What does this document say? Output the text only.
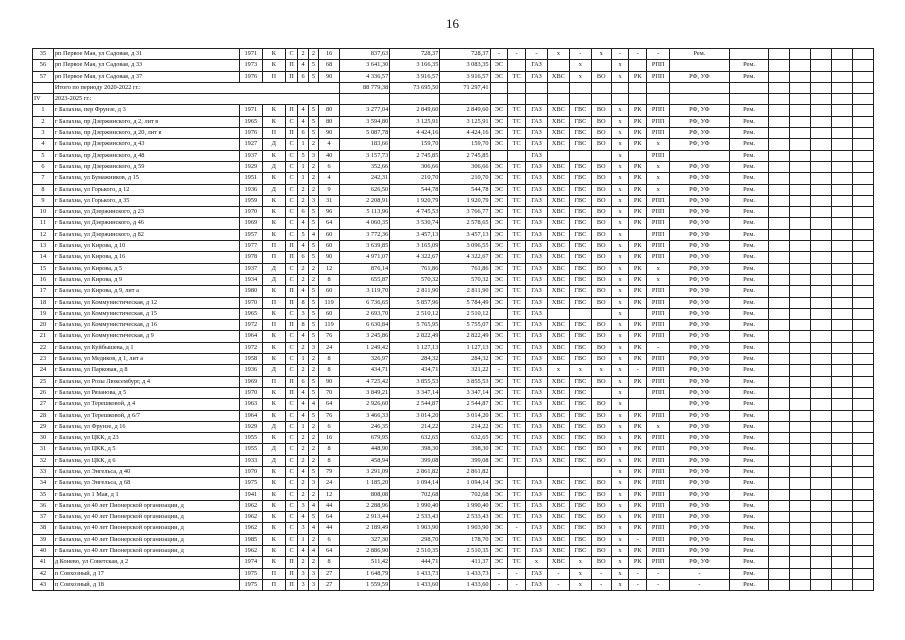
16
35	рп Первое Мая, ул Садовая, д 31	1971	К	С	2	2	16	837,63	728,37	728,37	-	-	-	x	-	x	-	-	-	Рем.						
56	рп Первое Мая, ул Садовая, д 33	1973	К	П	4	5	68	3 641,30	3 166,35	3 083,35	ЭС		ГАЗ		x		x		РПП		Рем.					
57	рп Первое Мая, ул Садовая, д 37	1976	П	П	6	5	90	4 336,57	3 916,57	3 916,57	ЭС	ТС	ГАЗ	ХВС	x	ВО	x	РК	РПП	РФ, УФ	Рем.					
	Итого по периоду 2020-2022 гг.:							88 779,38	73 695,50	71 297,41																
IV	2023-2025 гг.:																									
1	г Балахна, пер Фрунзе, д 3	1971	К	П	4	5	80	3 277,04	2 849,60	2 849,60	ЭС	ТС	ГАЗ	ХВС	ГВС	ВО	x	РК	РПП	РФ, УФ	Рем.					
2	г Балахна, пр Дзержинского, д 2, лит в	1965	К	С	4	5	80	3 594,80	3 125,91	3 125,91	ЭС	ТС	ГАЗ	ХВС	ГВС	ВО	x	РК	РПП	РФ, УФ	Рем.					
3	г Балахна, пр Дзержинского, д 20, лит в	1976	П	П	6	5	90	5 087,78	4 424,16	4 424,16	ЭС	ТС	ГАЗ	ХВС	ГВС	ВО	x	РК	РПП	РФ, УФ	Рем.					
4	г Балахна, пр Дзержинского, д 43	1927	Д	С	1	2	4	183,66	159,70	159,70	ЭС	ТС	ГАЗ	ХВС	ГВС	ВО	x	РК	x	РФ, УФ	Рем.					
5	г Балахна, пр Дзержинского, д 48	1937	К	С	5	3	40	3 157,73	2 745,85	2 745,85			ГАЗ				x		РПП		Рем.					
6	г Балахна, пр Дзержинского, д 59	1929	Д	С	1	2	6	352,66	306,66	306,66	ЭС	ТС	ГАЗ	ХВС	ГВС	ВО	x	РК	x	РФ, УФ	Рем.					
7	г Балахна, ул Бумажников, д 15	1951	К	С	1	2	4	242,31	210,70	210,70	ЭС	ТС	ГАЗ	ХВС	ГВС	ВО	x	РК	x	РФ, УФ	Рем.					
8	г Балахна, ул Горького, д 12	1936	Д	С	2	2	9	626,50	544,78	544,78	ЭС	ТС	ГАЗ	ХВС	ГВС	ВО	x	РК	x	РФ, УФ	Рем.					
9	г Балахна, ул Горького, д 35	1959	К	С	2	3	31	2 208,91	1 920,79	1 920,79	ЭС	ТС	ГАЗ	ХВС	ГВС	ВО	x	РК	РПП	РФ, УФ	Рем.					
10	г Балахна, ул Дзержинского, д 23	1970	К	С	6	5	96	5 113,96	4 745,53	3 766,77	ЭС	ТС	ГАЗ	ХВС	ГВС	ВО	x	РК	РПП	РФ, УФ	Рем.					
11	г Балахна, ул Дзержинского, д 46	1969	К	С	4	5	64	4 060,35	3 530,74	2 578,65	ЭС	ТС	ГАЗ	ХВС	ГВС	ВО	x	РК	РПП	РФ, УФ	Рем.					
12	г Балахна, ул Дзержинского, д 82	1957	К	С	5	4	60	3 772,36	3 457,13	3 457,13	ЭС	ТС	ГАЗ	ХВС	ГВС	ВО	x		РПП	РФ, УФ	Рем.					
13	г Балахна, ул Кирова, д 10	1977	П	П	4	5	60	3 639,85	3 165,09	3 096,55	ЭС	ТС	ГАЗ	ХВС	ГВС	ВО	x	РК	РПП	РФ, УФ	Рем.					
14	г Балахна, ул Кирова, д 16	1978	П	П	6	5	90	4 971,07	4 322,67	4 322,67	ЭС	ТС	ГАЗ	ХВС	ГВС	ВО	x	РК	РПП	РФ, УФ	Рем.					
15	г Балахна, ул Кирова, д 5	1937	Д	С	2	2	12	876,14	761,86	761,86	ЭС	ТС	ГАЗ	ХВС	ГВС	ВО	x	РК	x	РФ, УФ	Рем.					
16	г Балахна, ул Кирова, д 9	1934	Д	С	2	2	8	655,87	570,32	570,32	ЭС	ТС	ГАЗ	ХВС	ГВС	ВО	x	РК	x	РФ, УФ	Рем.					
17	г Балахна, ул Кирова, д 9, лит а	1980	К	П	4	5	60	3 119,70	2 811,90	2 811,90	ЭС	ТС	ГАЗ	ХВС	ГВС	ВО	x	РК	РПП	РФ, УФ	Рем.					
18	г Балахна, ул Коммунистическая, д 12	1970	П	П	8	5	119	6 736,65	5 857,96	5 784,49	ЭС	ТС	ГАЗ	ХВС	ГВС	ВО	x	РК	РПП	РФ, УФ	Рем.					
19	г Балахна, ул Коммунистическая, д 15	1965	К	С	3	5	60	2 693,70	2 510,12	2 510,12		ТС	ГАЗ				x		РПП	РФ, УФ	Рем.					
20	г Балахна, ул Коммунистическая, д 16	1972	П	П	8	5	119	6 630,84	5 765,95	5 755,07	ЭС	ТС	ГАЗ	ХВС	ГВС	ВО	x	РК	РПП	РФ, УФ	Рем.					
21	г Балахна, ул Коммунистическая, д 9	1964	К	С	4	5	76	3 245,86	2 822,49	2 822,49	ЭС	ТС	ГАЗ	ХВС	ГВС	ВО	x	РК	РПП	РФ, УФ	Рем.					
22	г Балахна, ул Куйбышева, д 1	1972	К	С	2	3	24	1 249,42	1 127,13	1 127,13	ЭС	ТС	ГАЗ	ХВС	ГВС	ВО	x	РК	-	РФ, УФ	Рем.					
23	г Балахна, ул Медиков, д 1, лит а	1958	К	С	1	2	8	326,97	284,32	284,32	ЭС	ТС	ГАЗ	ХВС	ГВС	ВО	x	РК	РПП	РФ, УФ	Рем.					
24	г Балахна, ул Парковая, д 8	1936	Д	С	2	2	8	434,71	434,71	321,22	-	ТС	ГАЗ	x	x	x	x	-	РПП	РФ, УФ	Рем.					
25	г Балахна, ул Розы Люксембург, д 4	1969	П	П	6	5	90	4 725,42	3 855,53	3 855,53	ЭС	ТС	ГАЗ	ХВС	ГВС	ВО	x	РК	РПП	РФ, УФ	Рем.					
26	г Балахна, ул Рязанова, д 5	1970	К	П	4	5	70	3 849,21	3 347,14	3 347,14	ЭС	ТС	ГАЗ	ХВС	ГВС		x		РПП	РФ, УФ	Рем.					
27	г Балахна, ул Терешковой, д 4	1963	К	С	4	4	64	2 926,60	2 544,87	2 544,87	ЭС	ТС	ГАЗ	ХВС	ГВС	ВО	x			РФ, УФ	Рем.					
28	г Балахна, ул Терешковой, д 6/7	1964	К	С	4	5	76	3 466,33	3 014,20	3 014,20	ЭС	ТС	ГАЗ	ХВС	ГВС	ВО	x	РК	РПП	РФ, УФ	Рем.					
29	г Балахна, ул Фрунзе, д 16	1929	Д	С	1	2	6	246,35	214,22	214,22	ЭС	ТС	ГАЗ	ХВС	ГВС	ВО	x	РК	x	РФ, УФ	Рем.					
30	г Балахна, ул ЦКК, д 23	1955	К	С	2	2	16	679,95	632,65	632,65	ЭС	ТС	ГАЗ	ХВС	ГВС	ВО	x	РК	РПП	РФ, УФ	Рем.					
31	г Балахна, ул ЦКК, д 5	1955	Д	С	2	2	8	448,90	398,30	398,30	ЭС	ТС	ГАЗ	ХВС	ГВС	ВО	x	РК	РПП	РФ, УФ	Рем.					
32	г Балахна, ул ЦКК, д 6	1933	Д	С	2	2	8	458,94	399,08	399,08	ЭС	ТС	ГАЗ	ХВС	ГВС	ВО	x	РК	РПП	РФ, УФ	Рем.					
33	г Балахна, ул Энгельса, д 40	1970	К	С	4	5	79	3 291,09	2 861,82	2 861,82							x	РК	РПП	РФ, УФ	Рем.					
34	г Балахна, ул Энгельса, д 68	1975	К	С	2	3	24	1 185,20	1 094,14	1 094,14	ЭС	ТС	ГАЗ	ХВС	ГВС	ВО	x	РК	РПП	РФ, УФ	Рем.					
35	г Балахна, ул 1 Мая, д 1	1941	К	С	2	2	12	808,08	702,68	702,68	ЭС	ТС	ГАЗ	ХВС	ГВС	ВО	x	РК	РПП	РФ, УФ	Рем.					
36	г Балахна, ул 40 лет Пионерской организации, д	1962	К	С	3	4	44	2 288,96	1 990,40	1 990,40	ЭС	ТС	ГАЗ	ХВС	ГВС	ВО	x	РК	РПП	РФ, УФ	Рем.					
37	г Балахна, ул 40 лет Пионерской организации, д	1962	К	С	4	5	64	2 913,44	2 533,43	2 533,43	ЭС	ТС	ГАЗ	ХВС	ГВС	ВО	x	РК	РПП	РФ, УФ	Рем.					
38	г Балахна, ул 40 лет Пионерской организации, д	1962	К	С	3	4	44	2 189,49	1 903,90	1 903,90	ЭС	-	ГАЗ	ХВС	ГВС	ВО	x	РК	РПП	РФ, УФ	Рем.					
39	г Балахна, ул 40 лет Пионерской организации, д	1985	К	С	1	2	6	327,30	298,70	178,70	ЭС	ТС	ГАЗ	ХВС	ГВС	ВО	x	-	РПП	РФ, УФ	Рем.					
40	г Балахна, ул 40 лет Пионерской организации, д	1962	К	С	4	4	64	2 886,90	2 510,35	2 510,35	ЭС	ТС	ГАЗ	ХВС	ГВС	ВО	x	РК	РПП	РФ, УФ	Рем.					
41	д Конево, ул Советская, д 2	1974	К	П	2	2	8	511,42	444,71	411,37	ЭС	ТС	x	ХВС	x	ВО	x	РК	РПП	РФ, УФ	Рем.					
42	п Совхозный, д 17	1975	П	П	3	3	27	1 648,79	1 433,73	1 433,73	-	-	ГАЗ	-	x	-	x	-	-	-	Рем.					
43	п Совхозный, д 18	1975	П	П	3	3	27	1 559,59	1 433,60	1 433,60	-	-	ГАЗ	-	x	-	x	-	-	-	Рем.					
